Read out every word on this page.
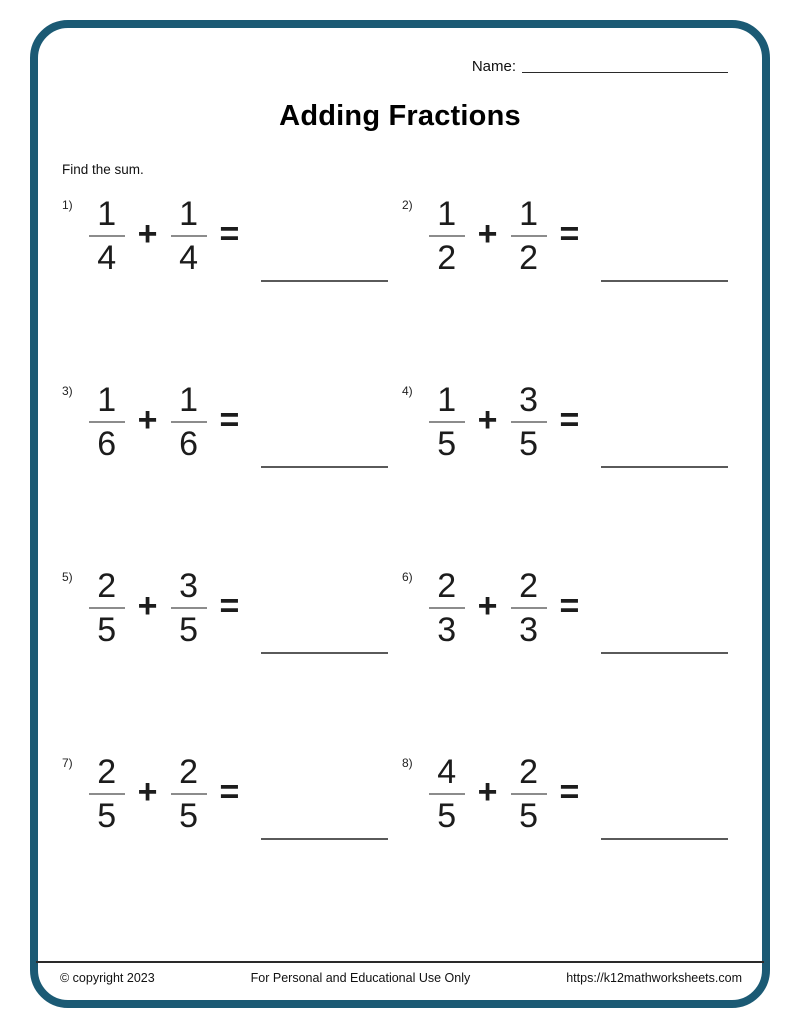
Name:
Adding Fractions
Find the sum.
$1) \frac{1}{4} + \frac{1}{4}$ =
$2) \frac{1}{2} + \frac{1}{2}$ =
$3) \frac{1}{6} + \frac{1}{6}$ =
$4) \frac{1}{5} + \frac{3}{5}$ =
$5) \frac{2}{5} + \frac{3}{5}$ =
$6) \frac{2}{3} + \frac{2}{3}$ =
$7) \frac{2}{5} + \frac{2}{5}$ =
$8) \frac{4}{5} + \frac{2}{5}$ =
© copyright 2023	For Personal and Educational Use Only	https://k12mathworksheets.com
